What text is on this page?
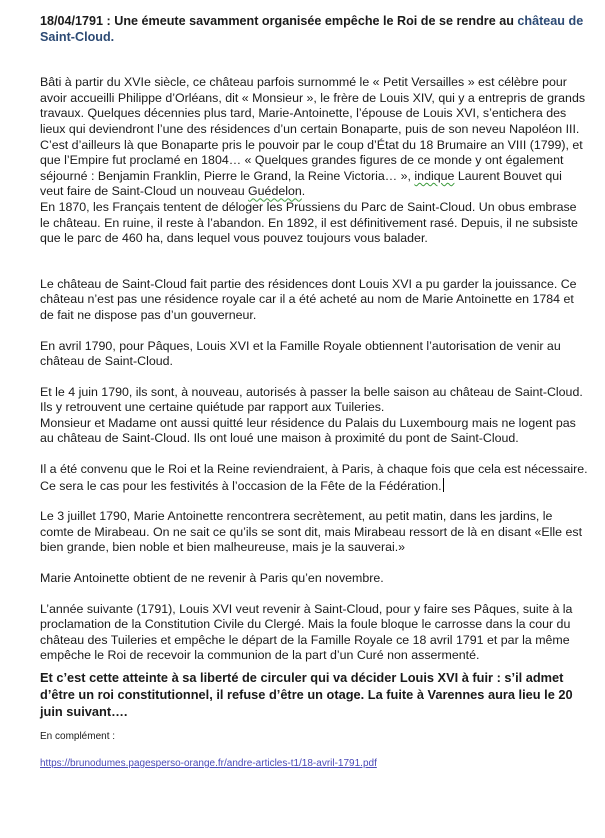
18/04/1791 : Une émeute savamment organisée empêche le Roi de se rendre au château de Saint-Cloud.

Bâti à partir du XVIe siècle, ce château parfois surnommé le « Petit Versailles » est célèbre pour avoir accueilli Philippe d’Orléans, dit « Monsieur », le frère de Louis XIV, qui y a entrepris de grands travaux. Quelques décennies plus tard, Marie-Antoinette, l’épouse de Louis XVI, s’entichera des lieux qui deviendront l’une des résidences d’un certain Bonaparte, puis de son neveu Napoléon III.

C’est d’ailleurs là que Bonaparte pris le pouvoir par le coup d’État du 18 Brumaire an VIII (1799), et que l’Empire fut proclamé en 1804… « Quelques grandes figures de ce monde y ont également séjourné : Benjamin Franklin, Pierre le Grand, la Reine Victoria… », indique Laurent Bouvet qui veut faire de Saint-Cloud un nouveau Guédelon.

En 1870, les Français tentent de déloger les Prussiens du Parc de Saint-Cloud. Un obus embrase le château. En ruine, il reste à l’abandon. En 1892, il est définitivement rasé. Depuis, il ne subsiste que le parc de 460 ha, dans lequel vous pouvez toujours vous balader.

Le château de Saint-Cloud fait partie des résidences dont Louis XVI a pu garder la jouissance. Ce château n’est pas une résidence royale car il a été acheté au nom de Marie Antoinette en 1784 et de fait ne dispose pas d’un gouverneur.

En avril 1790, pour Pâques, Louis XVI et la Famille Royale obtiennent l’autorisation de venir au château de Saint-Cloud.

Et le 4 juin 1790, ils sont, à nouveau, autorisés à passer la belle saison au château de Saint-Cloud. Ils y retrouvent une certaine quiétude par rapport aux Tuileries.

Monsieur et Madame ont aussi quitté leur résidence du Palais du Luxembourg mais ne logent pas au château de Saint-Cloud. Ils ont loué une maison à proximité du pont de Saint-Cloud.

Il a été convenu que le Roi et la Reine reviendraient, à Paris, à chaque fois que cela est nécessaire. Ce sera le cas pour les festivités à l’occasion de la Fête de la Fédération.

Le 3 juillet 1790, Marie Antoinette rencontrera secrètement, au petit matin, dans les jardins, le comte de Mirabeau. On ne sait ce qu’ils se sont dit, mais Mirabeau ressort de là en disant «Elle est bien grande, bien noble et bien malheureuse, mais je la sauverai.»

Marie Antoinette obtient de ne revenir à Paris qu’en novembre.

L’année suivante (1791), Louis XVI veut revenir à Saint-Cloud, pour y faire ses Pâques, suite à la proclamation de la Constitution Civile du Clergé. Mais la foule bloque le carrosse dans la cour du château des Tuileries et empêche le départ de la Famille Royale ce 18 avril 1791 et par la même empêche le Roi de recevoir la communion de la part d’un Curé non assermenté.

Et c’est cette atteinte à sa liberté de circuler qui va décider Louis XVI à fuir : s’il admet d’être un roi constitutionnel, il refuse d’être un otage. La fuite à Varennes aura lieu le 20 juin suivant….

En complément :

https://brunodumes.pagesperso-orange.fr/andre-articles-t1/18-avril-1791.pdf
